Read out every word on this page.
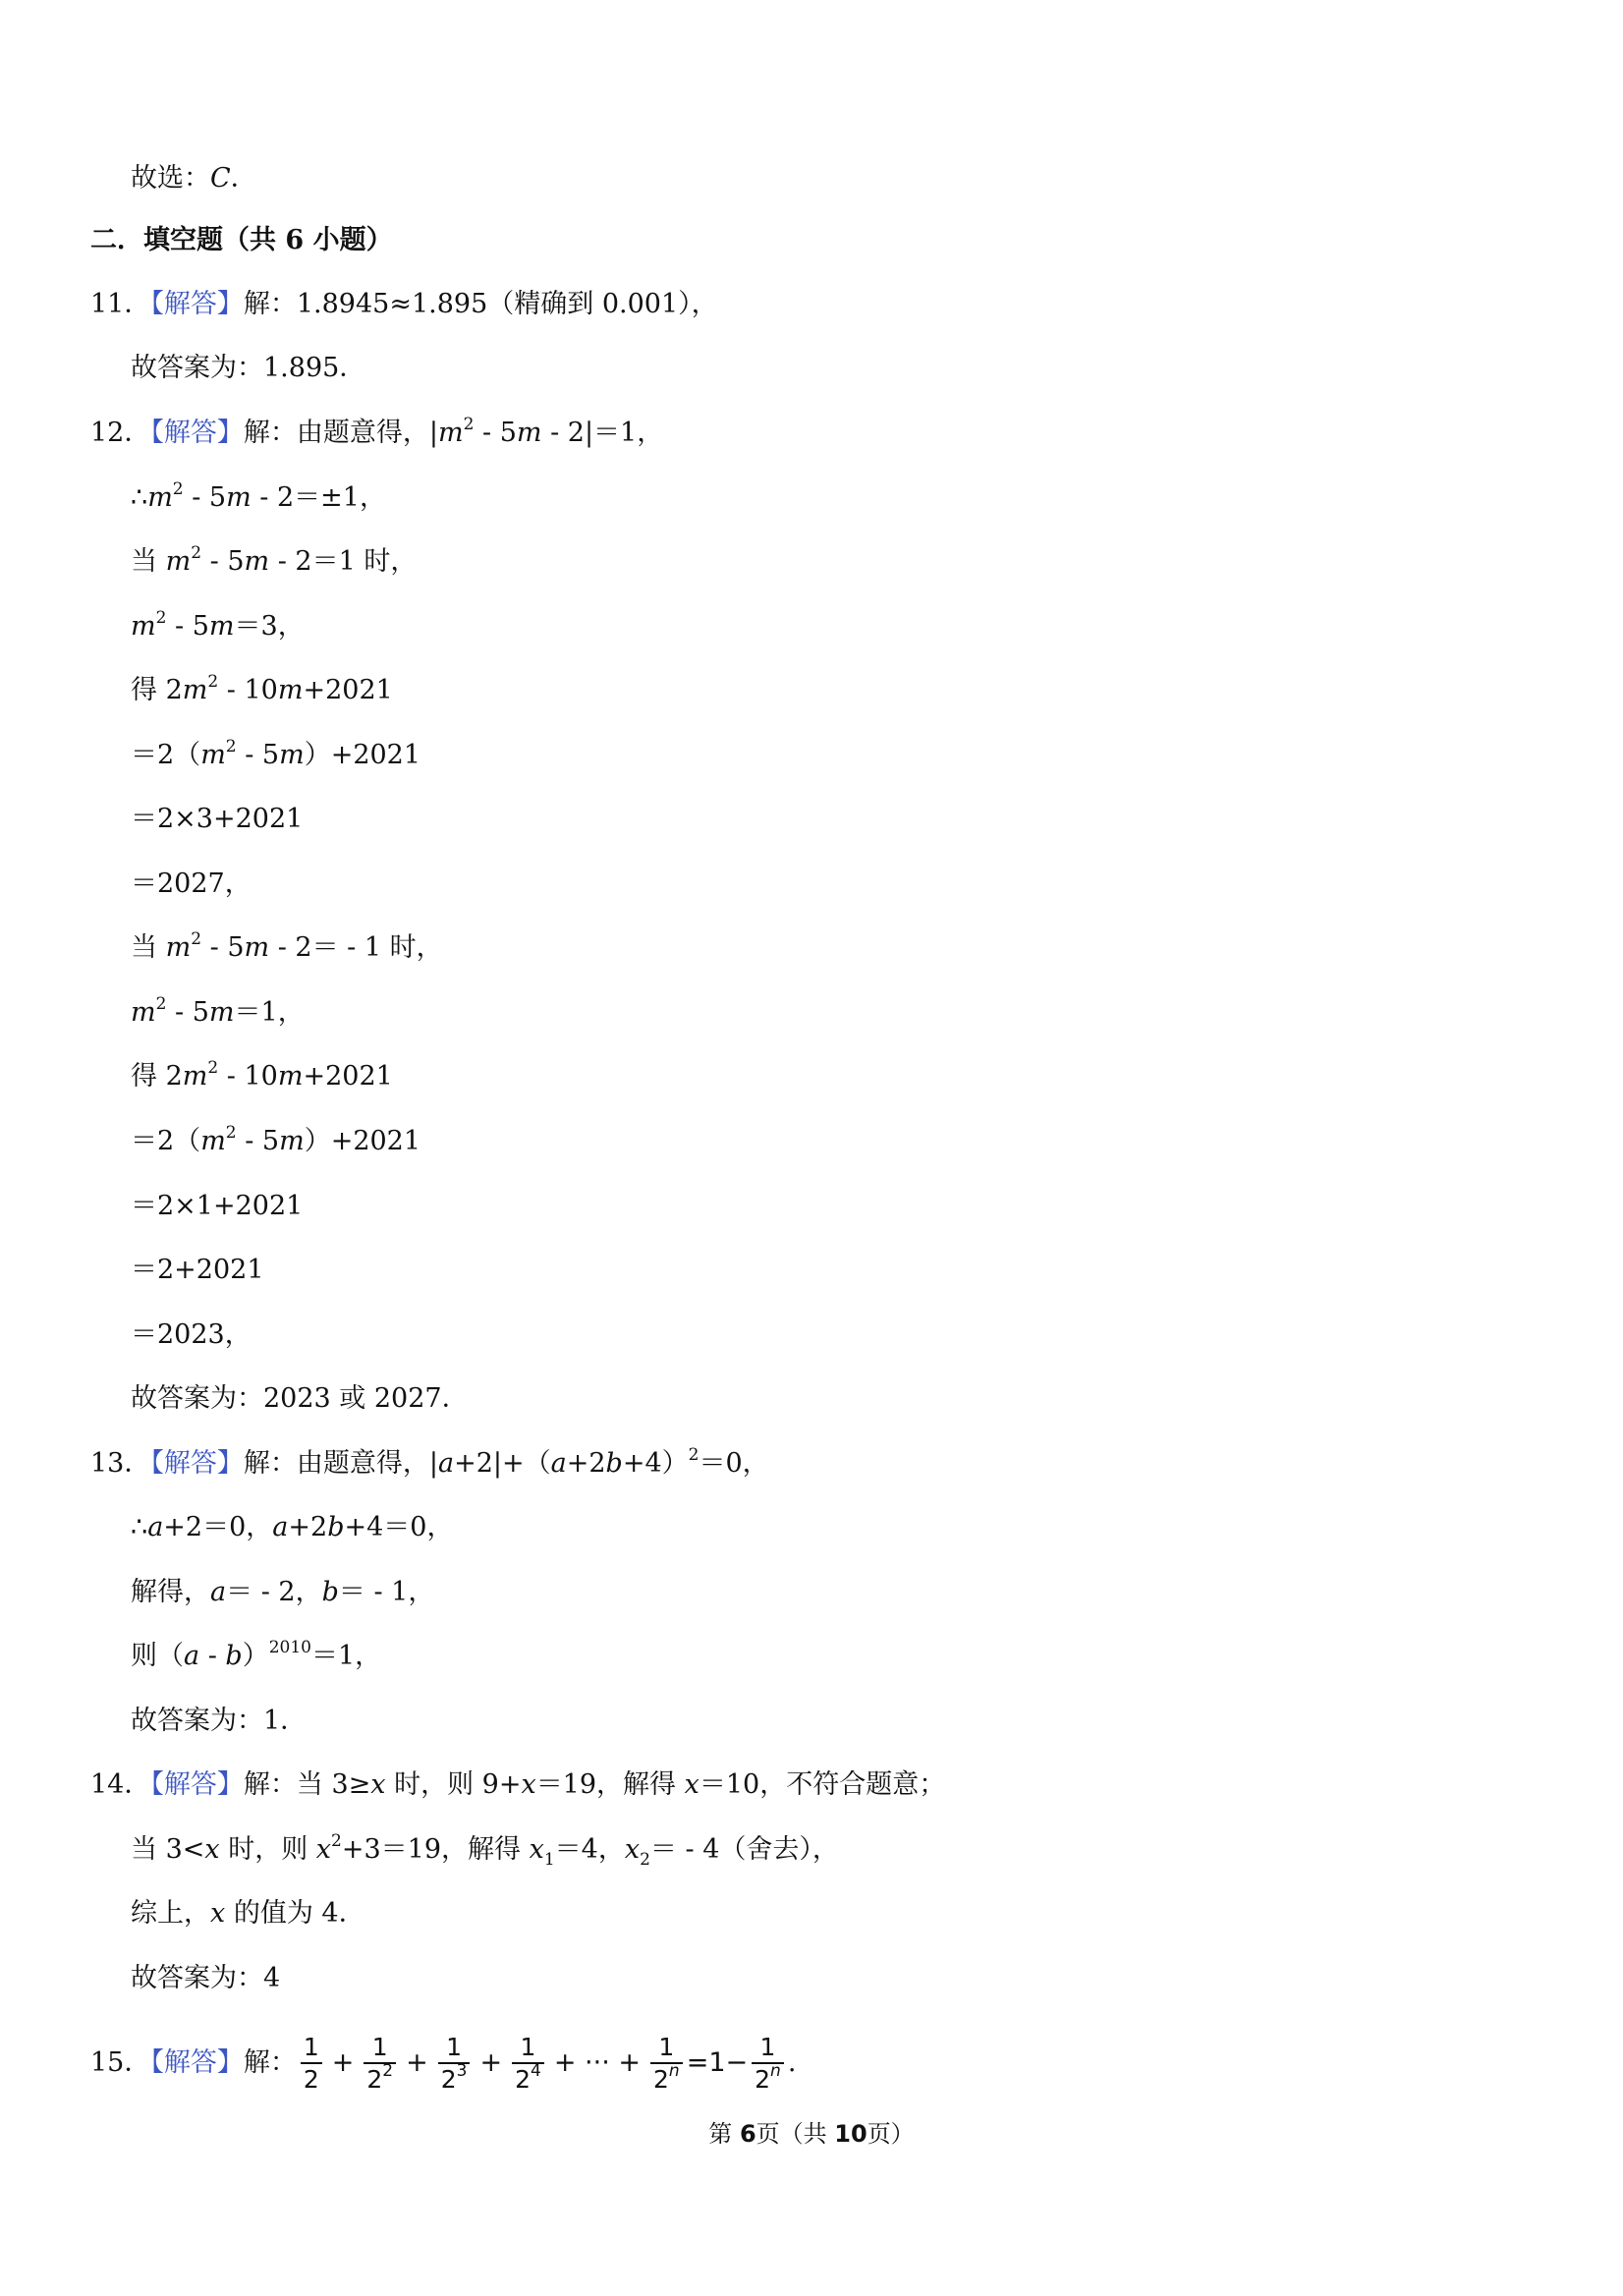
故选：C．
二．填空题（共 6 小题）
11．【解答】解：1.8945≈1.895（精确到 0.001），
故答案为：1.895．
12．【解答】解：由题意得，$|m^2 - 5m - 2|=1$，
$\therefore m^2 - 5m - 2=\pm 1$，
当 $m^2 - 5m - 2=1$ 时，
$m^2 - 5m=3$，
得 $2m^2 - 10m+2021$
$=2(m^2 - 5m)+2021$
＝2×3+2021
＝2027，
当 $m^2 - 5m - 2= - 1$ 时，
$m^2 - 5m=1$，
得 $2m^2 - 10m+2021$
$=2(m^2 - 5m)+2021$
＝2×1+2021
＝2+2021
＝2023，
故答案为：2023 或 2027．
13．【解答】解：由题意得，$|a+2|+(a+2b+4)^2=0$，
∴a+2＝0，a+2b+4＝0，
解得，a＝ - 2，b＝ - 1，
则（a - b）$^{2010}$＝1，
故答案为：1．
14．【解答】解：当 3≥x 时，则 9+x＝19，解得 x＝10，不符合题意；
当 3<x 时，则 $x^2+3=19$，解得 $x_1=4$，$x_2= - 4$（舍去），
综上，x 的值为 4．
故答案为：4
15．【解答】解： $\frac{1}{2} + \frac{1}{2^2} + \frac{1}{2^3} + \frac{1}{2^4}$ + ··· + $\frac{1}{2^n} =1- \frac{1}{2^n}$ .
第 6页（共 10页）
